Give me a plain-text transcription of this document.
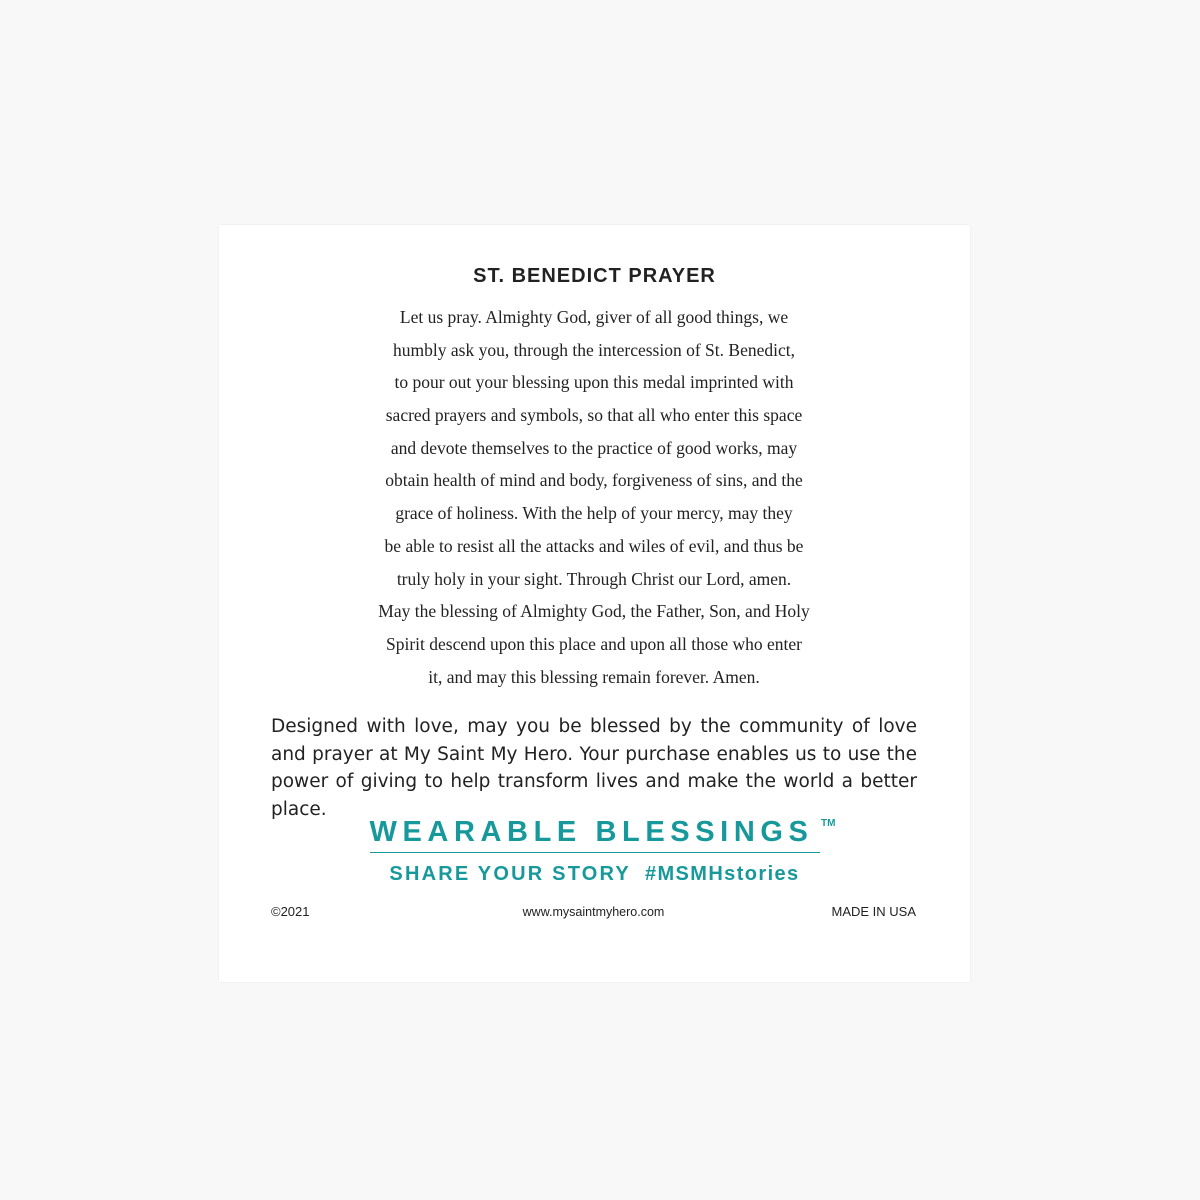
ST. BENEDICT PRAYER
Let us pray. Almighty God, giver of all good things, we
humbly ask you, through the intercession of St. Benedict,
to pour out your blessing upon this medal imprinted with
sacred prayers and symbols, so that all who enter this space
and devote themselves to the practice of good works, may
obtain health of mind and body, forgiveness of sins, and the
grace of holiness. With the help of your mercy, may they
be able to resist all the attacks and wiles of evil, and thus be
truly holy in your sight. Through Christ our Lord, amen.
May the blessing of Almighty God, the Father, Son, and Holy
Spirit descend upon this place and upon all those who enter
it, and may this blessing remain forever. Amen.

Designed with love, may you be blessed by the community of love and prayer at My Saint My Hero. Your purchase enables us to use the power of giving to help transform lives and make the world a better place.

WEARABLE BLESSINGS TM
SHARE YOUR STORY #MSMHstories
©2021	www.mysaintmyhero.com	MADE IN USA
